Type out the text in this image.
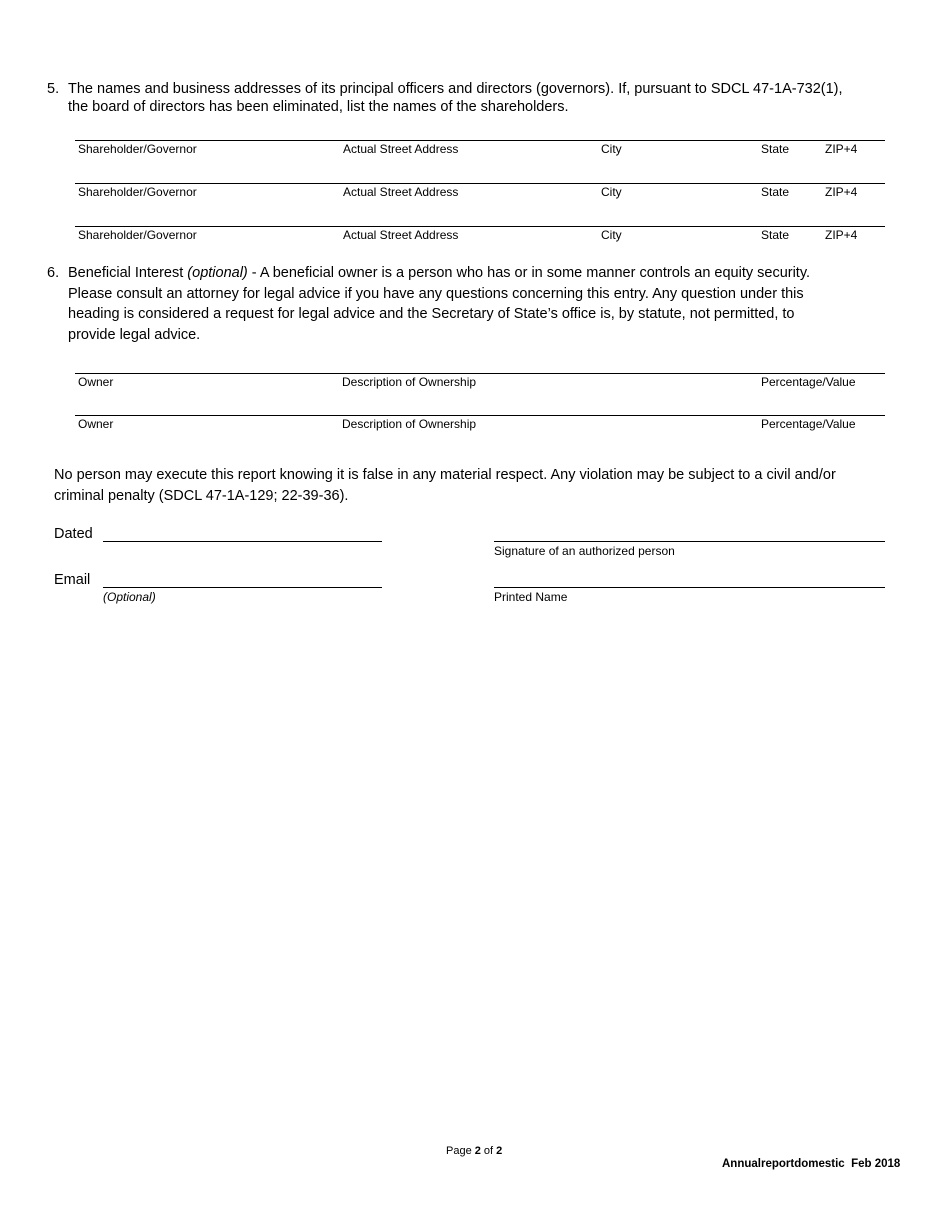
5. The names and business addresses of its principal officers and directors (governors). If, pursuant to SDCL 47-1A-732(1),
the board of directors has been eliminated, list the names of the shareholders.
Shareholder/Governor	Actual Street Address	City	State	ZIP+4
Shareholder/Governor	Actual Street Address	City	State	ZIP+4
Shareholder/Governor	Actual Street Address	City	State	ZIP+4
6. Beneficial Interest (optional) - A beneficial owner is a person who has or in some manner controls an equity security.
Please consult an attorney for legal advice if you have any questions concerning this entry. Any question under this
heading is considered a request for legal advice and the Secretary of State’s office is, by statute, not permitted, to
provide legal advice.
Owner	Description of Ownership	Percentage/Value
Owner	Description of Ownership	Percentage/Value
No person may execute this report knowing it is false in any material respect. Any violation may be subject to a civil and/or
criminal penalty (SDCL 47-1A-129; 22-39-36).
Dated
Signature of an authorized person
Email
(Optional)	Printed Name
Page 2 of 2
Annualreportdomestic  Feb 2018
